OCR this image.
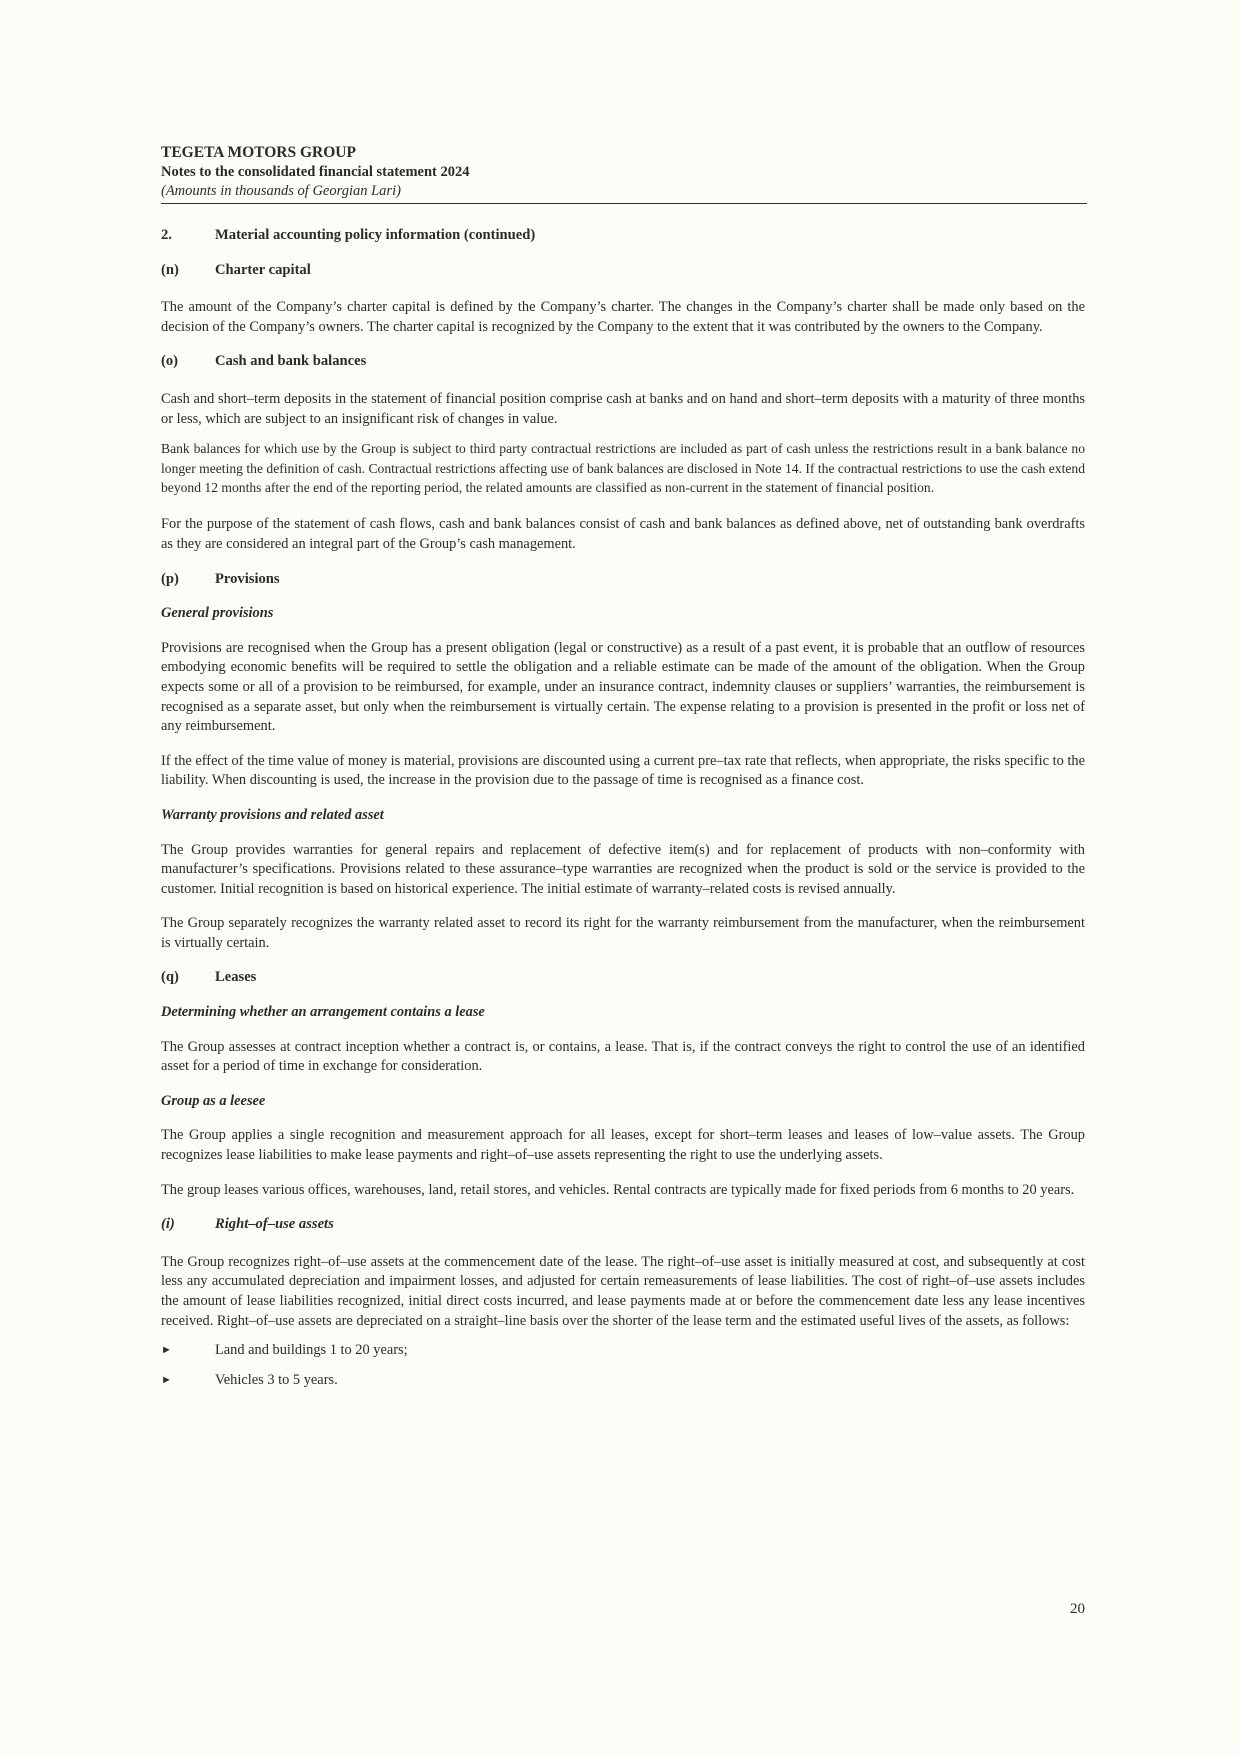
TEGETA MOTORS GROUP
Notes to the consolidated financial statement 2024
(Amounts in thousands of Georgian Lari)
2.	Material accounting policy information (continued)
(n)	Charter capital

The amount of the Company’s charter capital is defined by the Company’s charter. The changes in the Company’s charter shall be made only based on the decision of the Company’s owners. The charter capital is recognized by the Company to the extent that it was contributed by the owners to the Company.

(o)	Cash and bank balances

Cash and short–term deposits in the statement of financial position comprise cash at banks and on hand and short–term deposits with a maturity of three months or less, which are subject to an insignificant risk of changes in value.

Bank balances for which use by the Group is subject to third party contractual restrictions are included as part of cash unless the restrictions result in a bank balance no longer meeting the definition of cash. Contractual restrictions affecting use of bank balances are disclosed in Note 14. If the contractual restrictions to use the cash extend beyond 12 months after the end of the reporting period, the related amounts are classified as non-current in the statement of financial position.

For the purpose of the statement of cash flows, cash and bank balances consist of cash and bank balances as defined above, net of outstanding bank overdrafts as they are considered an integral part of the Group’s cash management.

(p)	Provisions
General provisions

Provisions are recognised when the Group has a present obligation (legal or constructive) as a result of a past event, it is probable that an outflow of resources embodying economic benefits will be required to settle the obligation and a reliable estimate can be made of the amount of the obligation. When the Group expects some or all of a provision to be reimbursed, for example, under an insurance contract, indemnity clauses or suppliers’ warranties, the reimbursement is recognised as a separate asset, but only when the reimbursement is virtually certain. The expense relating to a provision is presented in the profit or loss net of any reimbursement.

If the effect of the time value of money is material, provisions are discounted using a current pre–tax rate that reflects, when appropriate, the risks specific to the liability. When discounting is used, the increase in the provision due to the passage of time is recognised as a finance cost.

Warranty provisions and related asset

The Group provides warranties for general repairs and replacement of defective item(s) and for replacement of products with non–conformity with manufacturer’s specifications. Provisions related to these assurance–type warranties are recognized when the product is sold or the service is provided to the customer. Initial recognition is based on historical experience. The initial estimate of warranty–related costs is revised annually.

The Group separately recognizes the warranty related asset to record its right for the warranty reimbursement from the manufacturer, when the reimbursement is virtually certain.

(q)	Leases
Determining whether an arrangement contains a lease

The Group assesses at contract inception whether a contract is, or contains, a lease. That is, if the contract conveys the right to control the use of an identified asset for a period of time in exchange for consideration.

Group as a leesee

The Group applies a single recognition and measurement approach for all leases, except for short–term leases and leases of low–value assets. The Group recognizes lease liabilities to make lease payments and right–of–use assets representing the right to use the underlying assets.

The group leases various offices, warehouses, land, retail stores, and vehicles. Rental contracts are typically made for fixed periods from 6 months to 20 years.

(i)	Right–of–use assets

The Group recognizes right–of–use assets at the commencement date of the lease. The right–of–use asset is initially measured at cost, and subsequently at cost less any accumulated depreciation and impairment losses, and adjusted for certain remeasurements of lease liabilities. The cost of right–of–use assets includes the amount of lease liabilities recognized, initial direct costs incurred, and lease payments made at or before the commencement date less any lease incentives received. Right–of–use assets are depreciated on a straight–line basis over the shorter of the lease term and the estimated useful lives of the assets, as follows:

►	Land and buildings 1 to 20 years;
►	Vehicles 3 to 5 years.
20
